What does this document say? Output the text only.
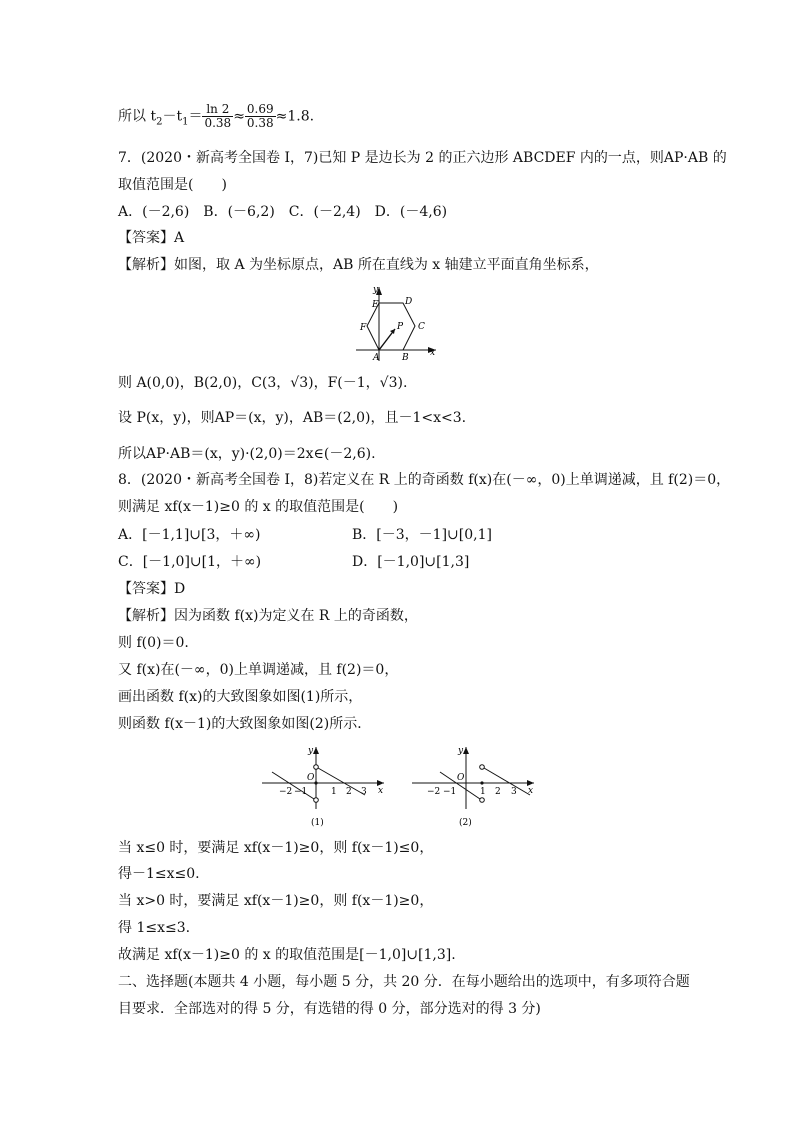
所以 $t_2-t_1= \frac{\ln 2}{0.38} \approx \frac{0.69}{0.38} \approx 1.8$.
7．(2020・新高考全国卷 I，7)已知 P 是边长为 2 的正六边形 ABCDEF 内的一点，则AP·AB 的
取值范围是(　　)
A．(－2,6)　B．(－6,2)　C．(－2,4)　D．(－4,6)
【答案】A
【解析】如图，取 A 为坐标原点，AB 所在直线为 x 轴建立平面直角坐标系，
y
x
A	B
C
D
E
F	P
则 A(0,0)，B(2,0)，C(3，√3)，F(－1，√3).
设 P(x，y)，则AP＝(x，y)，AB＝(2,0)，且－1<x<3.
所以AP·AB＝(x，y)·(2,0)＝2x∈(－2,6).
8．(2020・新高考全国卷 I，8)若定义在 R 上的奇函数 f(x)在(－∞，0)上单调递减，且 f(2)＝0，
则满足 xf(x－1)≥0 的 x 的取值范围是(　　)
A．[－1,1]∪[3，＋∞)	B．[－3，－1]∪[0,1]
C．[－1,0]∪[1，＋∞)	D．[－1,0]∪[1,3]
【答案】D
【解析】因为函数 f(x)为定义在 R 上的奇函数，
则 f(0)＝0.
又 f(x)在(－∞，0)上单调递减，且 f(2)＝0，
画出函数 f(x)的大致图象如图(1)所示，
则函数 f(x－1)的大致图象如图(2)所示．
y
x
O
−2 −1	1 2 3
(1)
y
x
O
−2 −1	1 2 3
(2)
当 x≤0 时，要满足 xf(x－1)≥0，则 f(x－1)≤0，
得－1≤x≤0.
当 x>0 时，要满足 xf(x－1)≥0，则 f(x－1)≥0，
得 1≤x≤3.
故满足 xf(x－1)≥0 的 x 的取值范围是[－1,0]∪[1,3].
二、选择题(本题共 4 小题，每小题 5 分，共 20 分．在每小题给出的选项中，有多项符合题
目要求．全部选对的得 5 分，有选错的得 0 分，部分选对的得 3 分)
